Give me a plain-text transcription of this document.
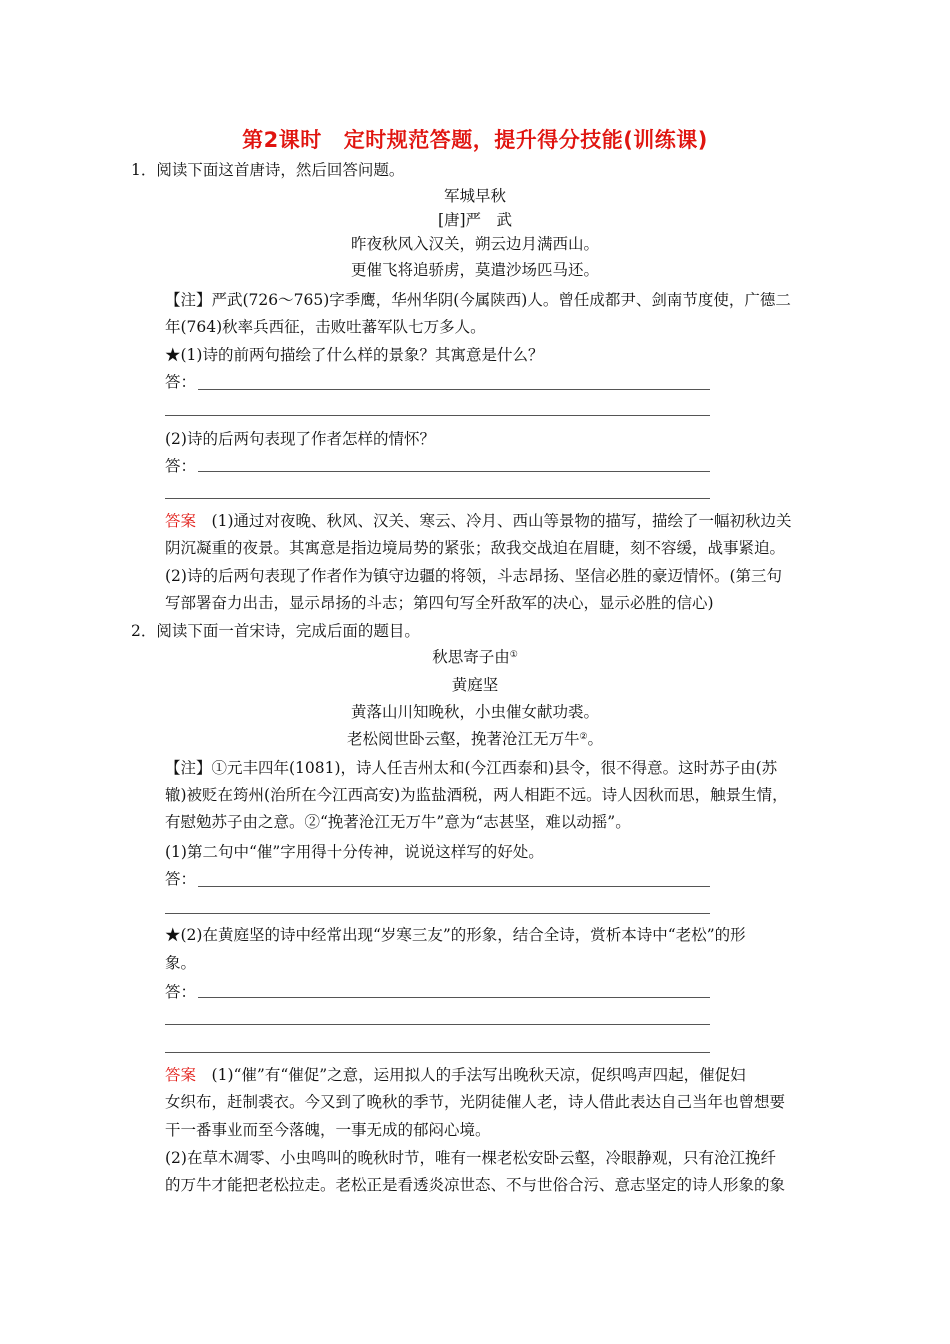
第2课时 定时规范答题，提升得分技能(训练课)
1．阅读下面这首唐诗，然后回答问题。
军城早秋
[唐]严　武
昨夜秋风入汉关，朔云边月满西山。
更催飞将追骄虏，莫遣沙场匹马还。
【注】严武(726～765)字季鹰，华州华阴(今属陕西)人。曾任成都尹、剑南节度使，广德二
年(764)秋率兵西征，击败吐蕃军队七万多人。
★(1)诗的前两句描绘了什么样的景象？其寓意是什么？
答：
(2)诗的后两句表现了作者怎样的情怀？
答：
答案　 (1)通过对夜晚、秋风、汉关、寒云、冷月、西山等景物的描写，描绘了一幅初秋边关
阴沉凝重的夜景。其寓意是指边境局势的紧张；敌我交战迫在眉睫，刻不容缓，战事紧迫。
(2)诗的后两句表现了作者作为镇守边疆的将领，斗志昂扬、坚信必胜的豪迈情怀。(第三句
写部署奋力出击，显示昂扬的斗志；第四句写全歼敌军的决心，显示必胜的信心)
2．阅读下面一首宋诗，完成后面的题目。
秋思寄子由①
黄庭坚
黄落山川知晚秋，小虫催女献功裘。
老松阅世卧云壑，挽著沧江无万牛②。
【注】①元丰四年(1081)，诗人任吉州太和(今江西泰和)县令，很不得意。这时苏子由(苏
辙)被贬在筠州(治所在今江西高安)为监盐酒税，两人相距不远。诗人因秋而思，触景生情，
有慰勉苏子由之意。②“挽著沧江无万牛”意为“志甚坚，难以动摇”。
(1)第二句中“催”字用得十分传神，说说这样写的好处。
答：
★(2)在黄庭坚的诗中经常出现“岁寒三友”的形象，结合全诗，赏析本诗中“老松”的形
象。
答：
答案　 (1)“催”有“催促”之意，运用拟人的手法写出晚秋天凉，促织鸣声四起，催促妇
女织布，赶制裘衣。今又到了晚秋的季节，光阴徒催人老，诗人借此表达自己当年也曾想要
干一番事业而至今落魄，一事无成的郁闷心境。
(2)在草木凋零、小虫鸣叫的晚秋时节，唯有一棵老松安卧云壑，冷眼静观，只有沧江挽纤
的万牛才能把老松拉走。老松正是看透炎凉世态、不与世俗合污、意志坚定的诗人形象的象
